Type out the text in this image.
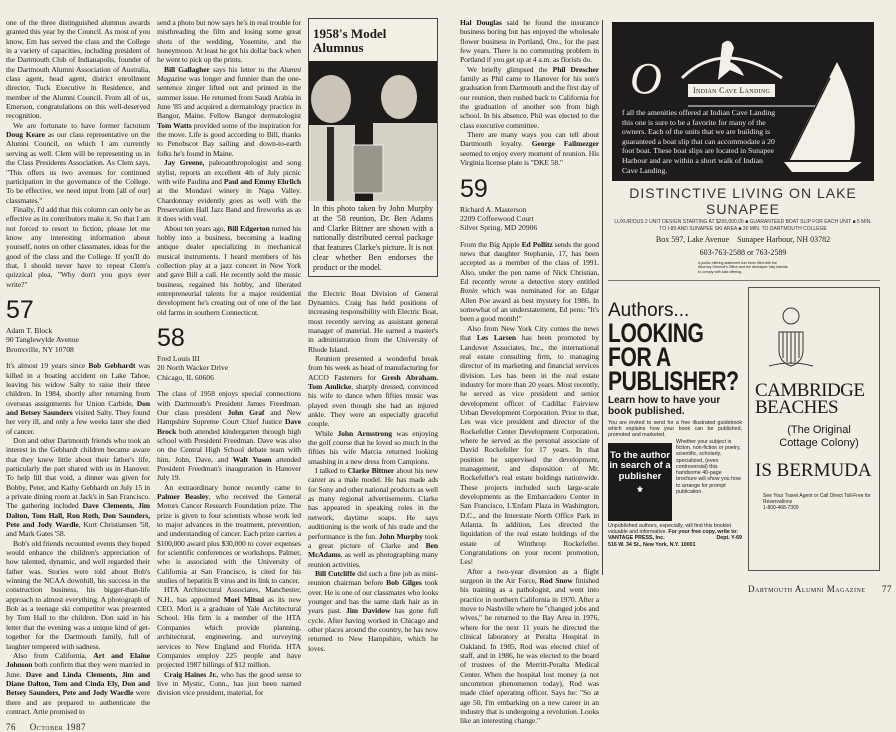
one of the three distinguished alumnus awards granted this year by the Council. As most of you know, Em has served the class and the College in a variety of capacities, including president of the Dartmouth Club of Indianapolis, founder of the Dartmouth Alumni Association of Australia, class agent, head agent, district enrollment director, Tuck Executive in Residence, and member of the Alumni Council. From all of us, Emerson, congratulations on this well-deserved recognition.

We are fortunate to have former factotum Doug Keare as our class representative on the Alumni Council, on which I am currently serving as well. Clem will be representing us in the Class Presidents Association. As Clem says, "This offers us two avenues for continued participation in the governance of the College. To be effective, we need input from [all of our] classmates."

Finally, I'd add that this column can only be as effective as its contributors make it. So that I am not forced to resort to fiction, please let me know any interesting information about yourself, notes on other classmates, ideas for the good of the class and the College. If you'll do that, I should never have to repeat Clem's quizzical plea, "Why don't you guys ever write?"

57
Adam T. Block
90 Tanglewylde Avenue
Bronxville, NY 10708

It's almost 19 years since Bob Gebhardt was killed in a boating accident on Lake Tahoe, leaving his widow Salty to raise their three children. In 1984, shortly after returning from overseas assignments for Union Carbide, Don and Betsey Saunders visited Salty. They found her very ill, and only a few weeks later she died of cancer.

Don and other Dartmouth friends who took an interest in the Gebhardt children became aware that they knew little about their father's life, particularly the part shared with us in Hanover. To help fill that void, a dinner was given for Bobby, Peter, and Kathy Gebhardt on July 15 in a private dining room at Jack's in San Francisco. The gathering included Dave Clements, Jim Dalton, Tom Hall, Ron Roth, Don Saunders, Pete and Jody Wardle, Kurt Christiansen '58, and Mark Gates '58.

Bob's old friends recounted events they hoped would enhance the children's appreciation of how talented, dynamic, and well regarded their father was. Stories were told about Bob's winning the NCAA downhill, his success in the construction business, his bigger-than-life approach to almost everything. A photograph of Bob as a teenage ski competitor was presented by Tom Hall to the children. Don said in his letter that the evening was a unique kind of get-together for the Dartmouth family, full of laughter tempered with sadness.

Also from California, Art and Elaine Johnson both confirm that they were married in June. Dave and Linda Clements, Jim and Diane Dalton, Tom and Cinda Ely, Don and Betsey Saunders, Pete and Jody Wardle were there and are prepared to authenticate the contract. Artie promised to

76 October 1987

send a photo but now says he's in real trouble for misthreading the film and losing some great shots of the wedding, Yosemite, and the honeymoon. At least he got his dollar back when he went to pick up the prints.

Bill Gallagher says his letter to the Alumni Magazine was longer and funnier than the one-sentence zinger lifted out and printed in the summer issue. He returned from Saudi Arabia in June '85 and acquired a dermatology practice in Bangor, Maine. Fellow Bangor dermatologist Tom Watts provided some of the inspiration for the move. Life is good according to Bill, thanks to Penobscot Bay sailing and down-to-earth folks he's found in Maine.

Jay Greene, paleoanthropologist and song stylist, reports an excellent 4th of July picnic with wife Paulina and Paul and Emmy Ehrlich at the Mondavi winery in Napa Valley. Chardonnay evidently goes as well with the Preservation Hall Jazz Band and fireworks as as it does with veal.

About ten years ago, Bill Edgerton turned his hobby into a business, becoming a leading antique dealer specializing in mechanical musical instruments. I heard members of his collection play at a jazz concert in New York and gave Bill a call. He recently sold the music business, regained his hobby, and liberated entrepreneurial talents for a major residential development he's creating out of one of the last old farms in southern Connecticut.

58
Fred Louis III
20 North Wacker Drive
Chicago, IL 60606

The class of 1958 enjoys special connections with Dartmouth's President James Freedman. Our class president John Graf and New Hampshire Supreme Court Chief Justice Dave Brock both attended kindergarten through high school with President Freedman. Dave was also on the Central High School debate team with him. John, Dave, and Walt Yusen attended President Freedman's inauguration in Hanover July 19.

An extraordinary honor recently came to Palmer Beasley, who received the General Motors Cancer Research Foundation prize. The prize is given to four scientists whose work led to major advances in the treatment, prevention, and understanding of cancer. Each prize carries a $100,000 award plus $30,000 to cover expenses for scientific conferences or workshops. Palmer, who is associated with the University of California at San Francisco, is cited for his studies of hepatitis B virus and its link to cancer.

HTA Architectural Associates, Manchester, N.H., has appointed Mori Mitsui as its new CEO. Mori is a graduate of Yale Architectural School. His firm is a member of the HTA Companies which provide planning, architectural, engineering, and surveying services to New England and Florida. HTA Companies employ 225 people and have projected 1987 billings of $12 million.

Craig Haines Jr., who has the good sense to live in Mystic, Conn., has just been named division vice president, material, for

1958's Model Alumnus
In this photo taken by John Murphy at the '58 reunion, Dr. Ben Adams and Clarke Bittner are shown with a nationally distributed cereal package that features Clarke's picture. It is not clear whether Ben endorses the product or the model.

the Electric Boat Division of General Dynamics. Craig has held positions of increasing responsibility with Electric Boat, most recently serving as assistant general manager of material. He earned a master's in administration from the University of Rhode Island.

Reunion presented a wonderful break from his week as head of manufacturing for ACCO Fasteners for Gresh Abraham. Tom Amlicke, sharply dressed, convinced his wife to dance when fifties music was played even though she had an injured ankle. They were an especially graceful couple.

While John Armstrong was enjoying the golf course that he loved so much in the fifties his wife Marcia returned looking smashing in a new dress from Campions.

I talked to Clarke Bittner about his new career as a male model. He has made ads for Sony and other national products as well as many regional advertisements. Clarke has appeared in speaking roles in the network, daytime soaps. He says auditioning is the work of his trade and the performance is the fun. John Murphy took a great picture of Clarke and Ben McAdams, as well as photographing many reunion activities.

Bill Cutcliffe did such a fine job as mini-reunion chairman before Bob Gilges took over. He is one of our classmates who looks younger and has the same dark hair as in years past. Jim Davidow has gone full cycle. After having worked in Chicago and other places around the country, he has now returned to New Hampshire, which he loves.

Hal Douglas said he found the insurance business boring but has enjoyed the wholesale flower business in Portland, Ore., for the past few years. There is no commuting problem in Portland if you get up at 4 a.m. as florists do.

We briefly glimpsed the Phil Drescher family as Phil came to Hanover for his son's graduation from Dartmouth and the first day of our reunion, then rushed back to California for the graduation of another son from high school. In his absence, Phil was elected to the class executive committee.

There are many ways you can tell about Dartmouth loyalty. George Failmezger seemed to enjoy every moment of reunion. His Virginia license plate is "DKE 58."

59
Richard A. Masterson
2209 Coffeewood Court
Silver Spring, MD 20906

From the Big Apple Ed Pollitz sends the good news that daughter Stephanie, 17, has been accepted as a member of the class of 1991. Also, under the pen name of Nick Christian, Ed recently wrote a detective story entitled Ronin which was nominated for an Edgar Allen Poe award as best mystery for 1986. In somewhat of an understatement, Ed pens: "It's been a good month!"

Also from New York City comes the news that Les Larsen has been promoted by Landover Associates, Inc., the international real estate consulting firm, to managing director of its marketing and financial services division. Les has been in the real estate industry for more than 20 years. Most recently, he served as vice president and senior development officer of Cadillac Fairview Urban Development Corporation. Prior to that, Les was vice president and director of the Rockefeller Center Development Corporation, where he served as the personal associate of David Rockefeller for 17 years. In that position he supervised the development, management, and disposition of Mr. Rockefeller's real estate holdings nationwide. These projects included such large-scale developments as the Embarcadero Center in San Francisco, L'Enfant Plaza in Washington, D.C., and the Interstate North Office Park in Atlanta. In addition, Les directed the liquidation of the real estate holdings of the estate of Winthrop Rockefeller. Congratulations on your recent promotion, Les!

After a two-year diversion as a flight surgeon in the Air Force, Rod Snow finished his training as a pathologist, and went into practice in northern California in 1970. After a move to Nashville where he "changed jobs and wives," he returned to the Bay Area in 1976, where for the next 11 years he directed the clinical laboratory at Peralta Hospital in Oakland. In 1985, Rod was elected chief of staff, and in 1986, he was elected to the board of trustees of the Merritt-Peralta Medical Center. When the hospital lost money (a not uncommon phenomenon today), Rod was made chief operating officer. Says he: "So at age 50, I'm embarking on a new career in an industry that is undergoing a revolution. Looks like an interesting change."

O	Indian Cave Landing
f all the amenities offered at Indian Cave Landing this one is sure to be a favorite for many of the owners. Each of the units that we are building is guaranteed a boat slip that can accommodate a 20 foot boat. These boat slips are located in Sunapee Harbour and are within a short walk of Indian Cave Landing.
DISTINCTIVE LIVING ON LAKE SUNAPEE
LUXURIOUS 2 UNIT DESIGN STARTING AT $265,000.00 ■ GUARANTEED BOAT SLIP FOR EACH UNIT ■ 5 MIN. TO I-89 AND SUNAPEE SKI AREA ■ 30 MIN. TO DARTMOUTH COLLEGE
Box 597, Lake Avenue    Sunapee Harbour, NH 03782
603-763-2588 or 763-2589
A public offering statement has been filed with the Attorney General's Office and the developer fully intends to comply with said offering.
Authors...
LOOKING
FOR A
PUBLISHER?
Learn how to have your book published.
You are invited to send for a free illustrated guidebook which explains how your book can be published, promoted and marketed.
To the author in search of a publisher
⚜
Whether your subject is fiction, non-fiction or poetry, scientific, scholarly, specialized, (even controversial) this handsome 40-page brochure will show you how to arrange for prompt publication.
Unpublished authors, especially, will find this booklet valuable and informative. For your free copy, write to:
VANTAGE PRESS, Inc.	Dept. Y-69
516 W. 34 St., New York, N.Y. 10001
CAMBRIDGE BEACHES
(The Original Cottage Colony)
IS BERMUDA
See Your Travel Agent or Call Direct Toll-Free for Reservations
1-800-468-7300
Dartmouth Alumni Magazine 77
